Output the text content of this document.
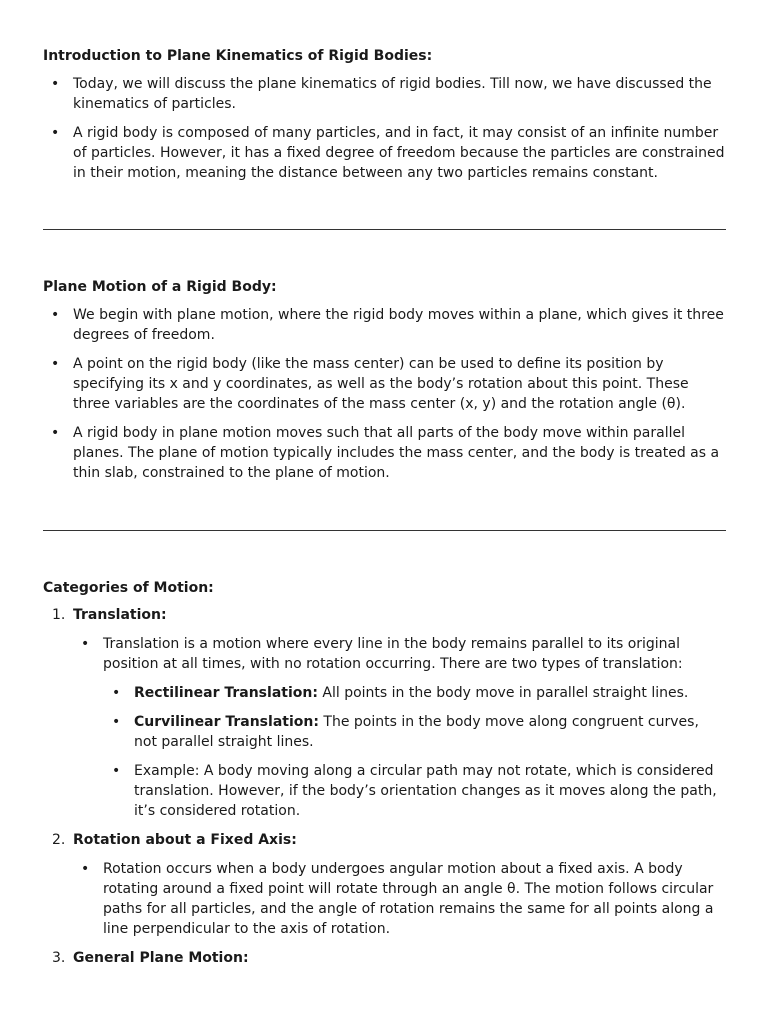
Introduction to Plane Kinematics of Rigid Bodies:

• Today, we will discuss the plane kinematics of rigid bodies. Till now, we have discussed the kinematics of particles.
• A rigid body is composed of many particles, and in fact, it may consist of an infinite number of particles. However, it has a fixed degree of freedom because the particles are constrained in their motion, meaning the distance between any two particles remains constant.

Plane Motion of a Rigid Body:

• We begin with plane motion, where the rigid body moves within a plane, which gives it three degrees of freedom.
• A point on the rigid body (like the mass center) can be used to define its position by specifying its x and y coordinates, as well as the body’s rotation about this point. These three variables are the coordinates of the mass center (x, y) and the rotation angle (θ).
• A rigid body in plane motion moves such that all parts of the body move within parallel planes. The plane of motion typically includes the mass center, and the body is treated as a thin slab, constrained to the plane of motion.

Categories of Motion:

1. Translation:
• Translation is a motion where every line in the body remains parallel to its original position at all times, with no rotation occurring. There are two types of translation:
• Rectilinear Translation: All points in the body move in parallel straight lines.
• Curvilinear Translation: The points in the body move along congruent curves, not parallel straight lines.
• Example: A body moving along a circular path may not rotate, which is considered translation. However, if the body’s orientation changes as it moves along the path, it’s considered rotation.
2. Rotation about a Fixed Axis:
• Rotation occurs when a body undergoes angular motion about a fixed axis. A body rotating around a fixed point will rotate through an angle θ. The motion follows circular paths for all particles, and the angle of rotation remains the same for all points along a line perpendicular to the axis of rotation.
3. General Plane Motion:
